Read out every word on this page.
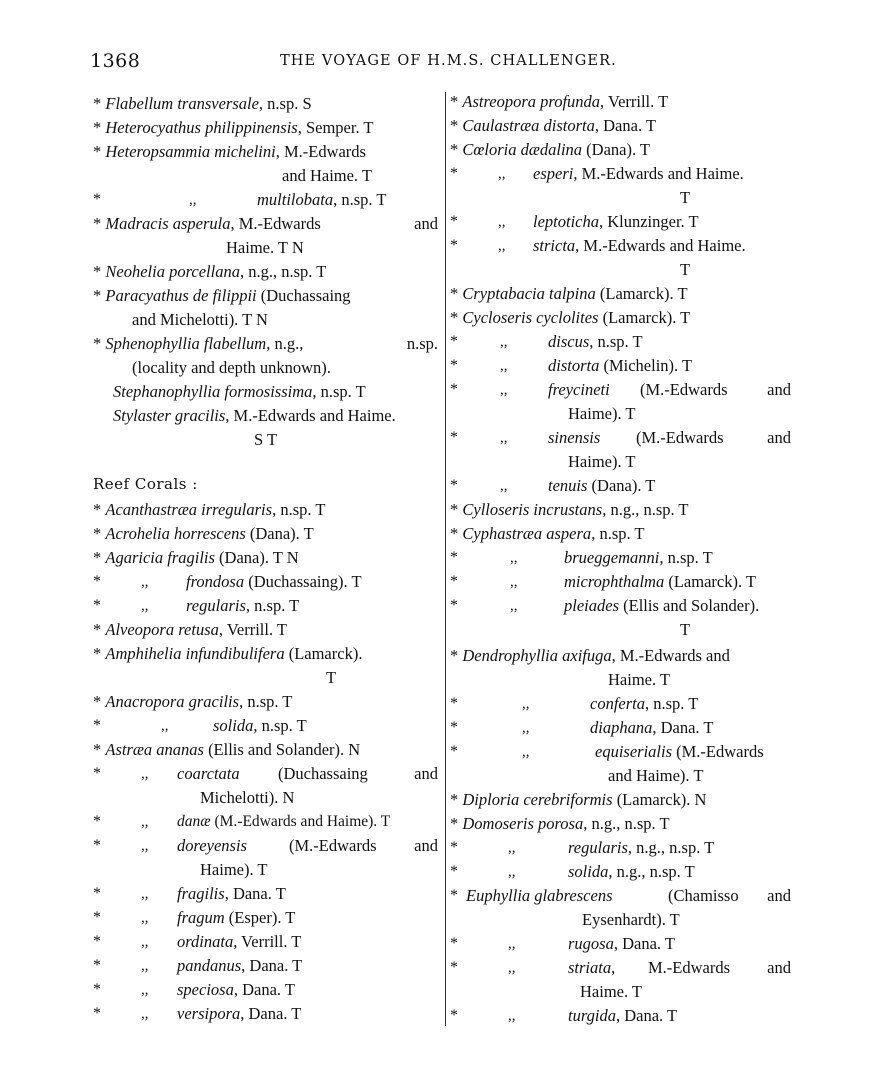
1368	THE VOYAGE OF H.M.S. CHALLENGER.
* Flabellum transversale, n.sp. S
* Heterocyathus philippinensis, Semper. T
* Heteropsammia michelini, M.-Edwards
and Haime. T
*	,,	multilobata, n.sp. T
* Madracis asperula, M.-Edwards	and
Haime. T N
* Neohelia porcellana, n.g., n.sp. T
* Paracyathus de filippii (Duchassaing
and Michelotti). T N
* Sphenophyllia flabellum, n.g.,	n.sp.
(locality and depth unknown).
Stephanophyllia formosissima, n.sp. T
Stylaster gracilis, M.-Edwards and Haime.
S T
Reef Corals :
* Acanthastræa irregularis, n.sp. T
* Acrohelia horrescens (Dana). T
* Agaricia fragilis (Dana). T N
*	,, frondosa (Duchassaing). T
*	,, regularis, n.sp. T
* Alveopora retusa, Verrill. T
* Amphihelia infundibulifera (Lamarck).
T
* Anacropora gracilis, n.sp. T
*	,,	solida, n.sp. T
* Astræa ananas (Ellis and Solander). N
*	,, coarctata (Duchassaing	and
Michelotti). N
*	,, danæ (M.-Edwards and Haime). T
*	,, doreyensis	(M.-Edwards and
Haime). T
*	,, fragilis, Dana. T
*	,, fragum (Esper). T
*	,, ordinata, Verrill. T
*	,, pandanus, Dana. T
*	,, speciosa, Dana. T
*	,, versipora, Dana. T
* Astreopora profunda, Verrill. T
* Caulastræa distorta, Dana. T
* Cœloria dædalina (Dana). T
*	,, esperi, M.-Edwards and Haime.
T
*	,, leptoticha, Klunzinger. T
*	,, stricta, M.-Edwards and Haime.
T
* Cryptabacia talpina (Lamarck). T
* Cycloseris cyclolites (Lamarck). T
*	,, discus, n.sp. T
*	,, distorta (Michelin). T
*	,, freycineti (M.-Edwards and
Haime). T
*	,, sinensis (M.-Edwards	and
Haime). T
*	,, tenuis (Dana). T
* Cylloseris incrustans, n.g., n.sp. T
* Cyphastræa aspera, n.sp. T
*	,,	brueggemanni, n.sp. T
*	,,	microphthalma (Lamarck). T
*	,,	pleiades (Ellis and Solander).
T
* Dendrophyllia axifuga, M.-Edwards and
Haime. T
*	,,	conferta, n.sp. T
*	,,	diaphana, Dana. T
*	,,	equiserialis (M.-Edwards
and Haime). T
* Diploria cerebriformis (Lamarck). N
* Domoseris porosa, n.g., n.sp. T
*	,,	regularis, n.g., n.sp. T
*	,,	solida, n.g., n.sp. T
* Euphyllia glabrescens	(Chamisso and
Eysenhardt). T
*	,,	rugosa, Dana. T
*	,,	striata, M.-Edwards and
Haime. T
*	,,	turgida, Dana. T
